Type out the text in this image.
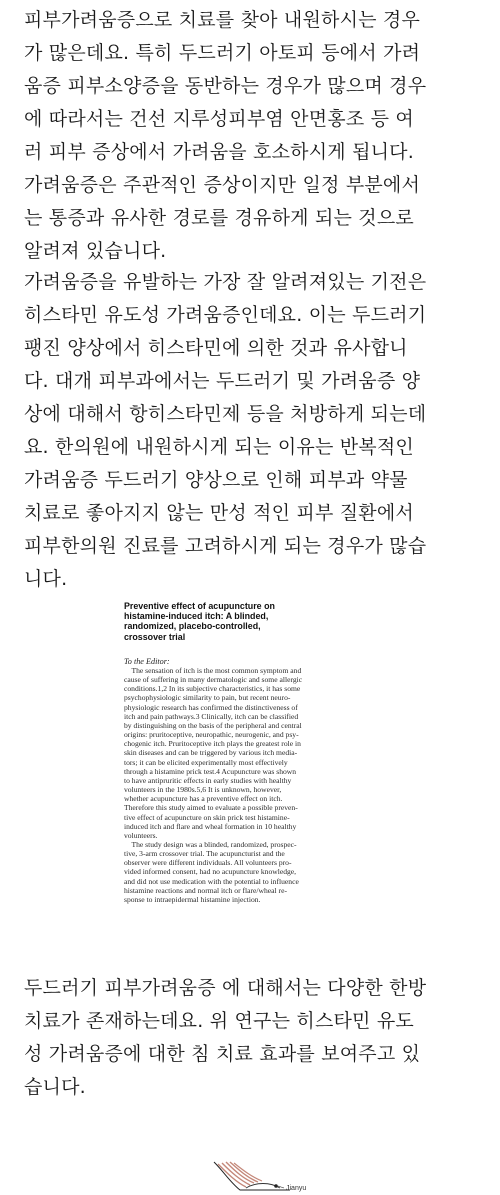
피부가려움증으로 치료를 찾아 내원하시는 경우
가 많은데요. 특히 두드러기 아토피 등에서 가려
움증 피부소양증을 동반하는 경우가 많으며 경우
에 따라서는 건선 지루성피부염 안면홍조 등 여
러 피부 증상에서 가려움을 호소하시게 됩니다.
가려움증은 주관적인 증상이지만 일정 부분에서
는 통증과 유사한 경로를 경유하게 되는 것으로
알려져 있습니다.

가려움증을 유발하는 가장 잘 알려져있는 기전은
히스타민 유도성 가려움증인데요. 이는 두드러기
팽진 양상에서 히스타민에 의한 것과 유사합니
다. 대개 피부과에서는 두드러기 및 가려움증 양
상에 대해서 항히스타민제 등을 처방하게 되는데
요. 한의원에 내원하시게 되는 이유는 반복적인
가려움증 두드러기 양상으로 인해 피부과 약물
치료로 좋아지지 않는 만성 적인 피부 질환에서
피부한의원 진료를 고려하시게 되는 경우가 많습
니다.

Preventive effect of acupuncture on
histamine-induced itch: A blinded,
randomized, placebo-controlled,
crossover trial

To the Editor:

The sensation of itch is the most common symptom and
cause of suffering in many dermatologic and some allergic
conditions.1,2 In its subjective characteristics, it has some
psychophysiologic similarity to pain, but recent neuro-
physiologic research has confirmed the distinctiveness of
itch and pain pathways.3 Clinically, itch can be classified
by distinguishing on the basis of the peripheral and central
origins: pruritoceptive, neuropathic, neurogenic, and psy-
chogenic itch. Pruritoceptive itch plays the greatest role in
skin diseases and can be triggered by various itch media-
tors; it can be elicited experimentally most effectively
through a histamine prick test.4 Acupuncture was shown
to have antipruritic effects in early studies with healthy
volunteers in the 1980s.5,6 It is unknown, however,
whether acupuncture has a preventive effect on itch.
Therefore this study aimed to evaluate a possible preven-
tive effect of acupuncture on skin prick test histamine-
induced itch and flare and wheal formation in 10 healthy
volunteers.
The study design was a blinded, randomized, prospec-
tive, 3-arm crossover trial. The acupuncturist and the
observer were different individuals. All volunteers pro-
vided informed consent, had no acupuncture knowledge,
and did not use medication with the potential to influence
histamine reactions and normal itch or flare/wheal re-
sponse to intraepidermal histamine injection.

두드러기 피부가려움증 에 대해서는 다양한 한방
치료가 존재하는데요. 위 연구는 히스타민 유도
성 가려움증에 대한 침 치료 효과를 보여주고 있
습니다.

Jianyu
